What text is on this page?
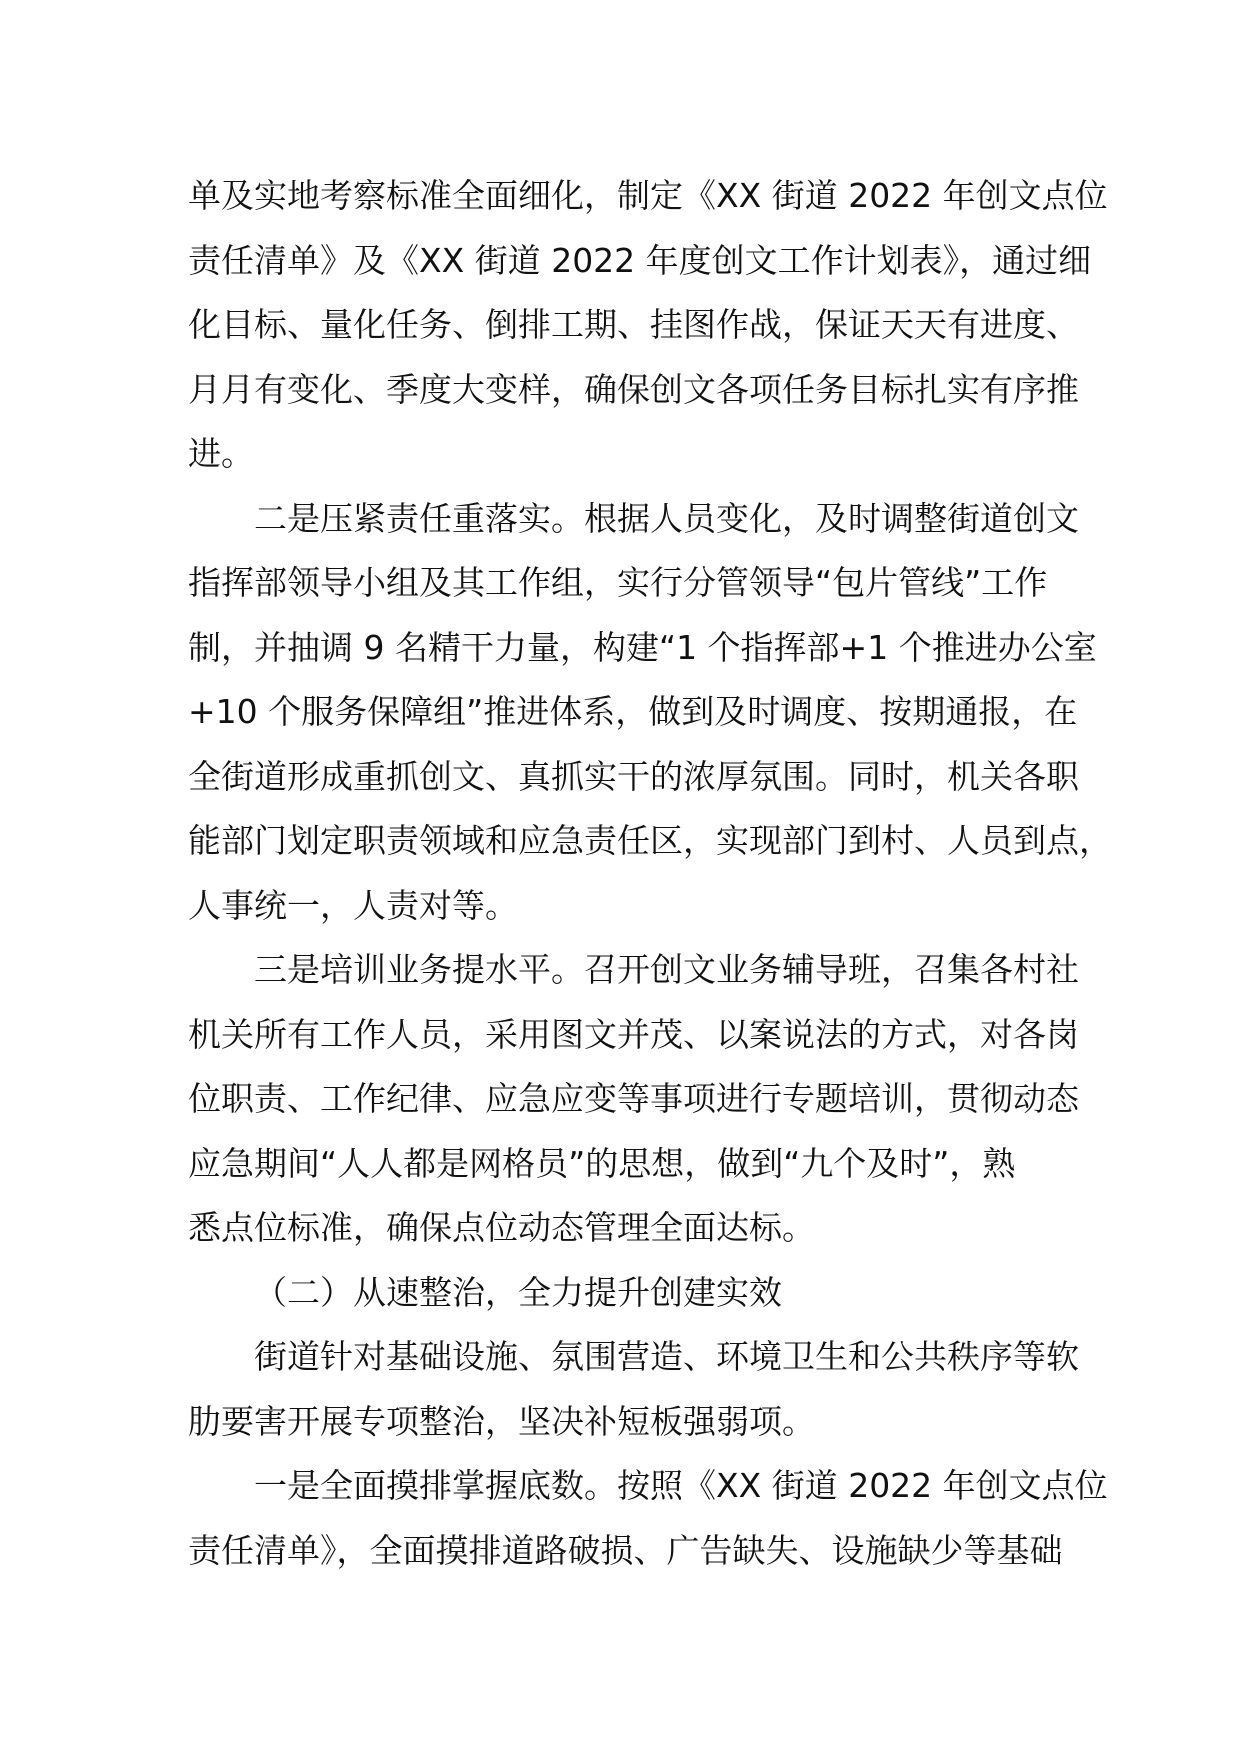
单及实地考察标准全面细化，制定《XX 街道 2022 年创文点位
责任清单》及《XX 街道 2022 年度创文工作计划表》，通过细
化目标、量化任务、倒排工期、挂图作战，保证天天有进度、
月月有变化、季度大变样，确保创文各项任务目标扎实有序推
进。
二是压紧责任重落实。根据人员变化，及时调整街道创文
指挥部领导小组及其工作组，实行分管领导“包片管线”工作
制，并抽调 9 名精干力量，构建“1 个指挥部+1 个推进办公室
+10 个服务保障组”推进体系，做到及时调度、按期通报，在
全街道形成重抓创文、真抓实干的浓厚氛围。同时，机关各职
能部门划定职责领域和应急责任区，实现部门到村、人员到点，
人事统一，人责对等。
三是培训业务提水平。召开创文业务辅导班，召集各村社
机关所有工作人员，采用图文并茂、以案说法的方式，对各岗
位职责、工作纪律、应急应变等事项进行专题培训，贯彻动态
应急期间“人人都是网格员”的思想，做到“九个及时”，熟
悉点位标准，确保点位动态管理全面达标。
（二）从速整治，全力提升创建实效
街道针对基础设施、氛围营造、环境卫生和公共秩序等软
肋要害开展专项整治，坚决补短板强弱项。
一是全面摸排掌握底数。按照《XX 街道 2022 年创文点位
责任清单》，全面摸排道路破损、广告缺失、设施缺少等基础
